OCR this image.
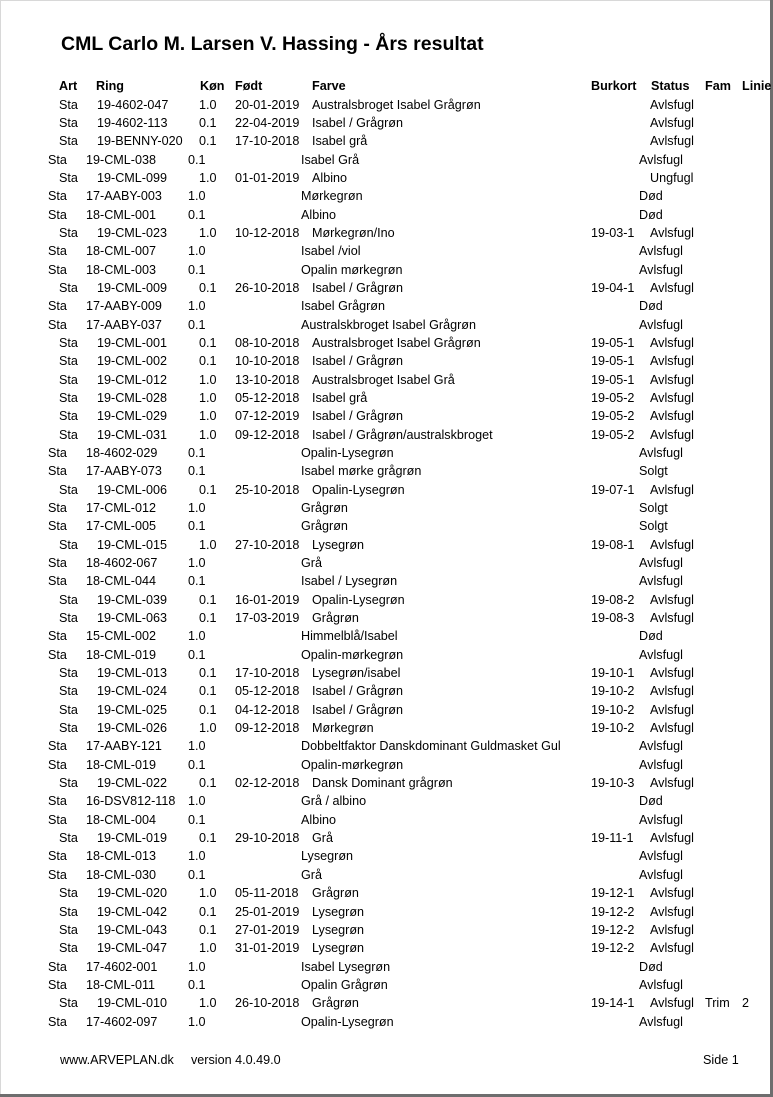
CML Carlo M. Larsen V. Hassing - Års resultat
Art Ring	Køn Født	Farve	Burkort Status Fam Linie
Sta 19-4602-047 1.0 20-01-2019 Australsbroget Isabel Grågrøn	Avlsfugl
Sta 19-4602-113	0.1 22-04-2019 Isabel / Grågrøn	Avlsfugl
Sta 19-BENNY-020 0.1 17-10-2018 Isabel grå	Avlsfugl
Sta 19-CML-038	0.1	Isabel Grå	Avlsfugl
Sta 19-CML-099	1.0 01-01-2019 Albino	Ungfugl
Sta 17-AABY-003 1.0	Mørkegrøn	Død
Sta 18-CML-001	0.1	Albino	Død
Sta 19-CML-023	1.0 10-12-2018 Mørkegrøn/Ino	19-03-1 Avlsfugl
Sta 18-CML-007	1.0	Isabel /viol	Avlsfugl
Sta 18-CML-003	0.1	Opalin mørkegrøn	Avlsfugl
Sta 19-CML-009	0.1 26-10-2018 Isabel / Grågrøn	19-04-1 Avlsfugl
Sta 17-AABY-009 1.0	Isabel Grågrøn	Død
Sta 17-AABY-037 0.1	Australskbroget Isabel Grågrøn	Avlsfugl
Sta 19-CML-001	0.1 08-10-2018 Australsbroget Isabel Grågrøn	19-05-1 Avlsfugl
Sta 19-CML-002	0.1 10-10-2018 Isabel / Grågrøn	19-05-1 Avlsfugl
Sta 19-CML-012	1.0 13-10-2018 Australsbroget Isabel Grå	19-05-1 Avlsfugl
Sta 19-CML-028	1.0 05-12-2018 Isabel grå	19-05-2 Avlsfugl
Sta 19-CML-029	1.0 07-12-2019 Isabel / Grågrøn	19-05-2 Avlsfugl
Sta 19-CML-031	1.0 09-12-2018 Isabel / Grågrøn/australskbroget	19-05-2 Avlsfugl
Sta 18-4602-029 0.1	Opalin-Lysegrøn	Avlsfugl
Sta 17-AABY-073 0.1	Isabel mørke grågrøn	Solgt
Sta 19-CML-006	0.1 25-10-2018 Opalin-Lysegrøn	19-07-1 Avlsfugl
Sta 17-CML-012	1.0	Grågrøn	Solgt
Sta 17-CML-005	0.1	Grågrøn	Solgt
Sta 19-CML-015	1.0 27-10-2018 Lysegrøn	19-08-1 Avlsfugl
Sta 18-4602-067 1.0	Grå	Avlsfugl
Sta 18-CML-044	0.1	Isabel / Lysegrøn	Avlsfugl
Sta 19-CML-039	0.1 16-01-2019 Opalin-Lysegrøn	19-08-2 Avlsfugl
Sta 19-CML-063	0.1 17-03-2019 Grågrøn	19-08-3 Avlsfugl
Sta 15-CML-002	1.0	Himmelblå/Isabel	Død
Sta 18-CML-019	0.1	Opalin-mørkegrøn	Avlsfugl
Sta 19-CML-013	0.1 17-10-2018 Lysegrøn/isabel	19-10-1 Avlsfugl
Sta 19-CML-024	0.1 05-12-2018 Isabel / Grågrøn	19-10-2 Avlsfugl
Sta 19-CML-025	0.1 04-12-2018 Isabel / Grågrøn	19-10-2 Avlsfugl
Sta 19-CML-026	1.0 09-12-2018 Mørkegrøn	19-10-2 Avlsfugl
Sta 17-AABY-121 1.0	Dobbeltfaktor Danskdominant Guldmasket Gul	Avlsfugl
Sta 18-CML-019	0.1	Opalin-mørkegrøn	Avlsfugl
Sta 19-CML-022	0.1 02-12-2018 Dansk Dominant grågrøn	19-10-3 Avlsfugl
Sta 16-DSV812-118 1.0	Grå / albino	Død
Sta 18-CML-004	0.1	Albino	Avlsfugl
Sta 19-CML-019	0.1 29-10-2018 Grå	19-11-1 Avlsfugl
Sta 18-CML-013	1.0	Lysegrøn	Avlsfugl
Sta 18-CML-030	0.1	Grå	Avlsfugl
Sta 19-CML-020	1.0 05-11-2018 Grågrøn	19-12-1 Avlsfugl
Sta 19-CML-042	0.1 25-01-2019 Lysegrøn	19-12-2 Avlsfugl
Sta 19-CML-043	0.1 27-01-2019 Lysegrøn	19-12-2 Avlsfugl
Sta 19-CML-047	1.0 31-01-2019 Lysegrøn	19-12-2 Avlsfugl
Sta 17-4602-001 1.0	Isabel Lysegrøn	Død
Sta 18-CML-011	0.1	Opalin Grågrøn	Avlsfugl
Sta 19-CML-010	1.0 26-10-2018 Grågrøn	19-14-1 Avlsfugl Trim 2
Sta 17-4602-097 1.0	Opalin-Lysegrøn	Avlsfugl
www.ARVEPLAN.dk version 4.0.49.0	Side 1
